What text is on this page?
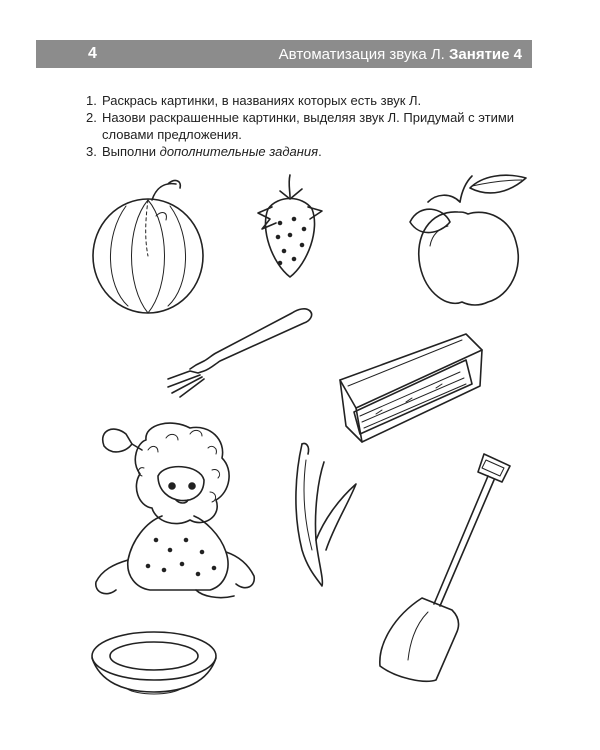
4	Автоматизация звука Л. Занятие 4
1. Раскрась картинки, в названиях которых есть звук Л.
2. Назови раскрашенные картинки, выделяя звук Л. Придумай с этими словами предложения.
3. Выполни дополнительные задания.
